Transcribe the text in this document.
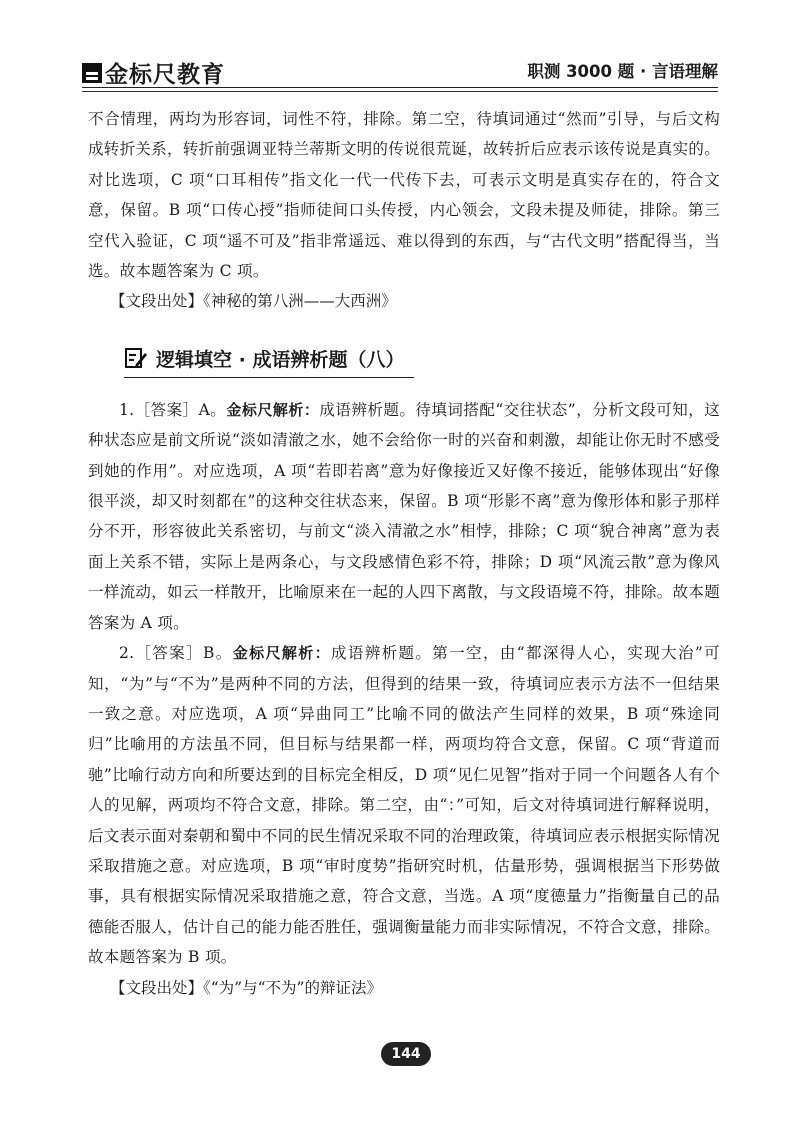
金标尺教育	职测 3000 题 · 言语理解

不合情理，两均为形容词，词性不符，排除。第二空，待填词通过“然而”引导，与后文构成转折关系，转折前强调亚特兰蒂斯文明的传说很荒诞，故转折后应表示该传说是真实的。对比选项，C 项“口耳相传”指文化一代一代传下去，可表示文明是真实存在的，符合文意，保留。B 项“口传心授”指师徒间口头传授，内心领会，文段未提及师徒，排除。第三空代入验证，C 项“遥不可及”指非常遥远、难以得到的东西，与“古代文明”搭配得当，当选。故本题答案为 C 项。

【文段出处】《神秘的第八洲——大西洲》

逻辑填空 · 成语辨析题（八）

1.［答案］A。金标尺解析：成语辨析题。待填词搭配“交往状态”，分析文段可知，这种状态应是前文所说“淡如清澈之水，她不会给你一时的兴奋和刺激，却能让你无时不感受到她的作用”。对应选项，A 项“若即若离”意为好像接近又好像不接近，能够体现出“好像很平淡，却又时刻都在”的这种交往状态来，保留。B 项“形影不离”意为像形体和影子那样分不开，形容彼此关系密切，与前文“淡入清澈之水”相悖，排除；C 项“貌合神离”意为表面上关系不错，实际上是两条心，与文段感情色彩不符，排除；D 项“风流云散”意为像风一样流动，如云一样散开，比喻原来在一起的人四下离散，与文段语境不符，排除。故本题答案为 A 项。

2.［答案］B。金标尺解析：成语辨析题。第一空，由“都深得人心，实现大治”可知，“为”与“不为”是两种不同的方法，但得到的结果一致，待填词应表示方法不一但结果一致之意。对应选项，A 项“异曲同工”比喻不同的做法产生同样的效果，B 项“殊途同归”比喻用的方法虽不同，但目标与结果都一样，两项均符合文意，保留。C 项“背道而驰”比喻行动方向和所要达到的目标完全相反，D 项“见仁见智”指对于同一个问题各人有个人的见解，两项均不符合文意，排除。第二空，由“：”可知，后文对待填词进行解释说明，后文表示面对秦朝和蜀中不同的民生情况采取不同的治理政策，待填词应表示根据实际情况采取措施之意。对应选项，B 项“审时度势”指研究时机，估量形势，强调根据当下形势做事，具有根据实际情况采取措施之意，符合文意，当选。A 项“度德量力”指衡量自己的品德能否服人，估计自己的能力能否胜任，强调衡量能力而非实际情况，不符合文意，排除。故本题答案为 B 项。

【文段出处】《“为”与“不为”的辩证法》

144
